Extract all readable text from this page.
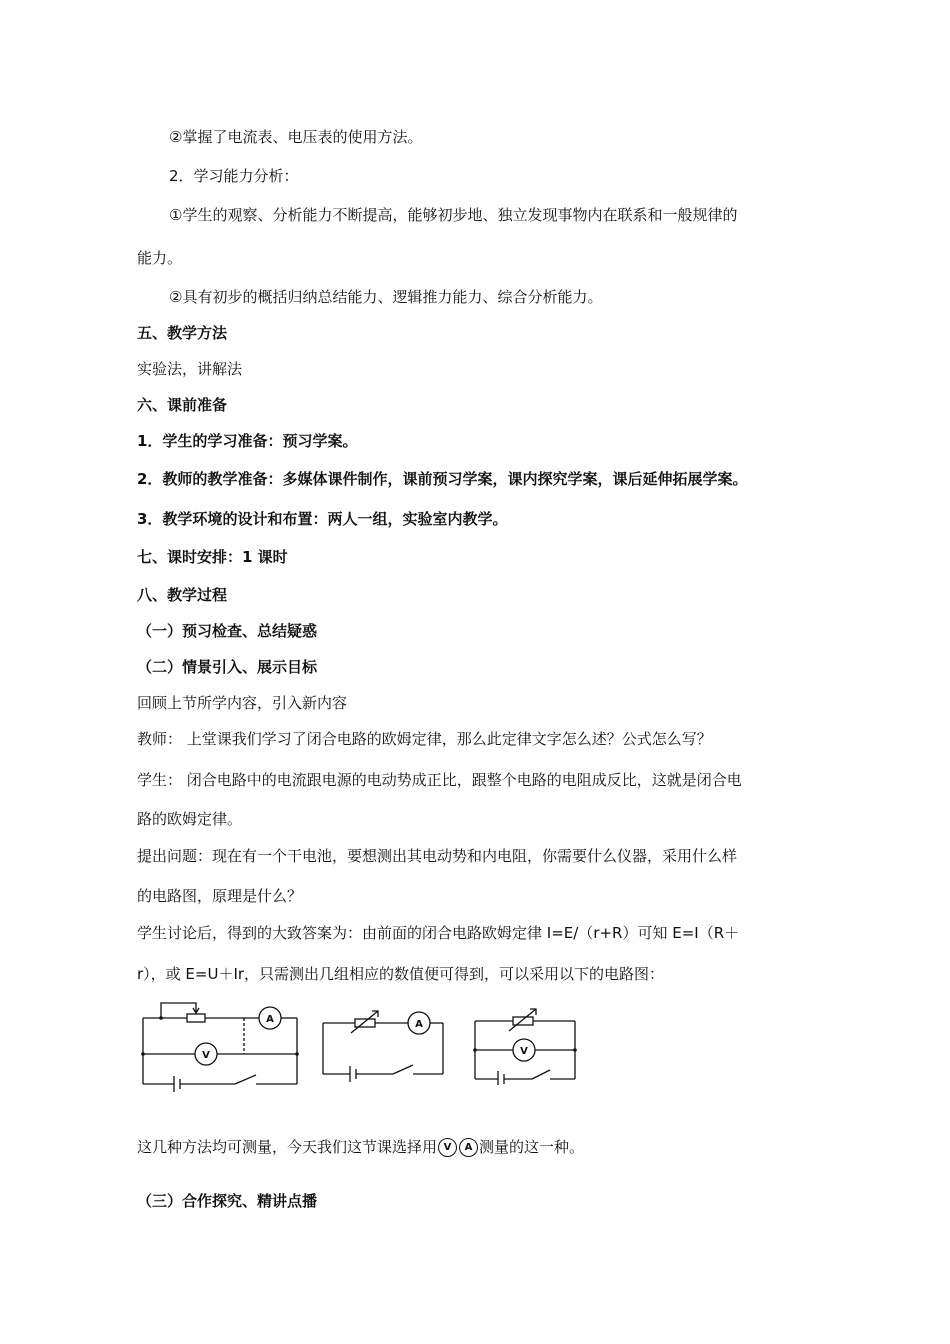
②掌握了电流表、电压表的使用方法。
2．学习能力分析：
①学生的观察、分析能力不断提高，能够初步地、独立发现事物内在联系和一般规律的
能力。
②具有初步的概括归纳总结能力、逻辑推力能力、综合分析能力。
五、教学方法
实验法，讲解法
六、课前准备
1．学生的学习准备：预习学案。
2．教师的教学准备：多媒体课件制作，课前预习学案，课内探究学案，课后延伸拓展学案。
3．教学环境的设计和布置：两人一组，实验室内教学。
七、课时安排：1 课时
八、教学过程
（一）预习检查、总结疑惑
（二）情景引入、展示目标
回顾上节所学内容，引入新内容
教师： 上堂课我们学习了闭合电路的欧姆定律，那么此定律文字怎么述？公式怎么写？
学生： 闭合电路中的电流跟电源的电动势成正比，跟整个电路的电阻成反比，这就是闭合电
路的欧姆定律。
提出问题：现在有一个干电池，要想测出其电动势和内电阻，你需要什么仪器，采用什么样
的电路图，原理是什么？
学生讨论后，得到的大致答案为：由前面的闭合电路欧姆定律 I=E/（r+R）可知 E=I（R＋
r），或 E=U＋Ir，只需测出几组相应的数值便可得到，可以采用以下的电路图：
A
V
A
V
这几种方法均可测量，今天我们这节课选择用 V A 测量的这一种。
（三）合作探究、精讲点播
